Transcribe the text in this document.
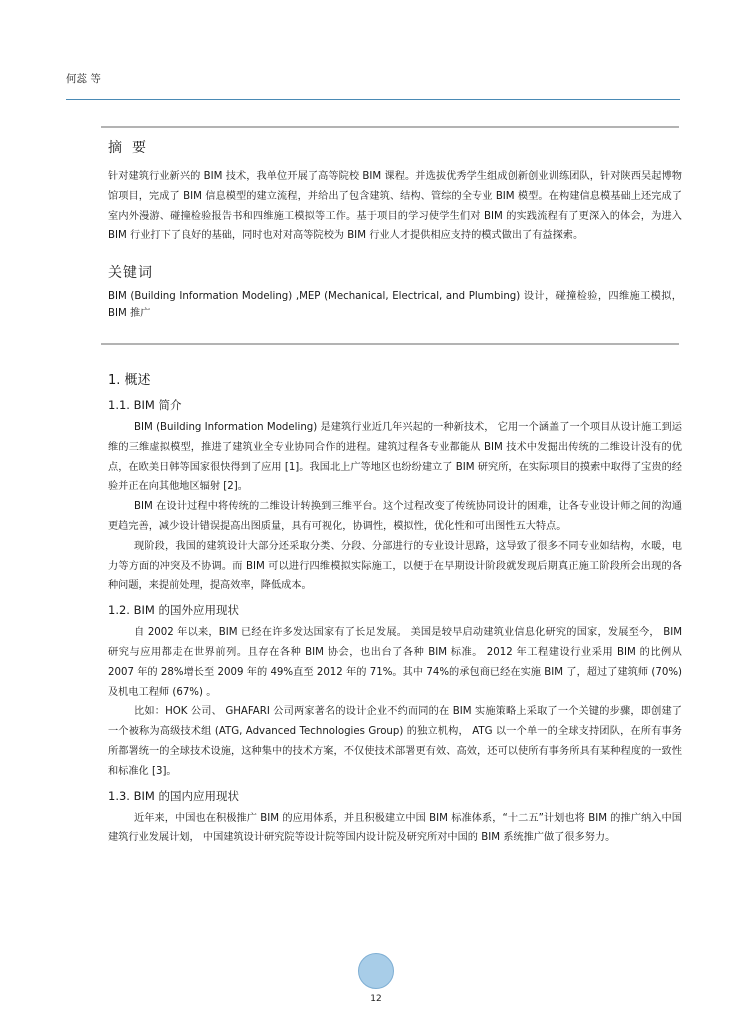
何蕊 等
摘要

针对建筑行业新兴的 BIM 技术，我单位开展了高等院校 BIM 课程。并选拔优秀学生组成创新创业训练团队，针对陕西吴起博物馆项目，完成了 BIM 信息模型的建立流程，并给出了包含建筑、结构、管综的全专业 BIM 模型。在构建信息模基础上还完成了室内外漫游、碰撞检验报告书和四维施工模拟等工作。基于项目的学习使学生们对 BIM 的实践流程有了更深入的体会，为进入 BIM 行业打下了良好的基础，同时也对对高等院校为 BIM 行业人才提供相应支持的模式做出了有益探索。

关键词

BIM (Building Information Modeling) ,MEP (Mechanical, Electrical, and Plumbing) 设计，碰撞检验，四维施工模拟， BIM 推广

1. 概述
1.1. BIM 简介

BIM (Building Information Modeling) 是建筑行业近几年兴起的一种新技术， 它用一个涵盖了一个项目从设计施工到运维的三维虚拟模型，推进了建筑业全专业协同合作的进程。建筑过程各专业都能从 BIM 技术中发掘出传统的二维设计没有的优点，在欧美日韩等国家很快得到了应用 [1]。我国北上广等地区也纷纷建立了 BIM 研究所，在实际项目的摸索中取得了宝贵的经验并正在向其他地区辐射 [2]。

BIM 在设计过程中将传统的二维设计转换到三维平台。这个过程改变了传统协同设计的困难，让各专业设计师之间的沟通更趋完善，减少设计错误提高出图质量，具有可视化，协调性，模拟性，优化性和可出图性五大特点。

现阶段，我国的建筑设计大部分还采取分类、分段、分部进行的专业设计思路，这导致了很多不同专业如结构，水暖，电力等方面的冲突及不协调。而 BIM 可以进行四维模拟实际施工，以便于在早期设计阶段就发现后期真正施工阶段所会出现的各种问题，来提前处理，提高效率，降低成本。

1.2. BIM 的国外应用现状

自 2002 年以来，BIM 已经在许多发达国家有了长足发展。 美国是较早启动建筑业信息化研究的国家，发展至今， BIM 研究与应用都走在世界前列。且存在各种 BIM 协会，也出台了各种 BIM 标准。 2012 年工程建设行业采用 BIM 的比例从 2007 年的 28%增长至 2009 年的 49%直至 2012 年的 71%。其中 74%的承包商已经在实施 BIM 了，超过了建筑师 (70%) 及机电工程师 (67%) 。

比如：HOK 公司、 GHAFARI 公司两家著名的设计企业不约而同的在 BIM 实施策略上采取了一个关键的步骤，即创建了一个被称为高级技术组 (ATG, Advanced Technologies Group) 的独立机构， ATG 以一个单一的全球支持团队，在所有事务所都署统一的全球技术设施，这种集中的技术方案，不仅使技术部署更有效、高效，还可以使所有事务所具有某种程度的一致性和标准化 [3]。

1.3. BIM 的国内应用现状

近年来，中国也在积极推广 BIM 的应用体系，并且积极建立中国 BIM 标准体系，“十二五”计划也将 BIM 的推广纳入中国建筑行业发展计划， 中国建筑设计研究院等设计院等国内设计院及研究所对中国的 BIM 系统推广做了很多努力。

12
